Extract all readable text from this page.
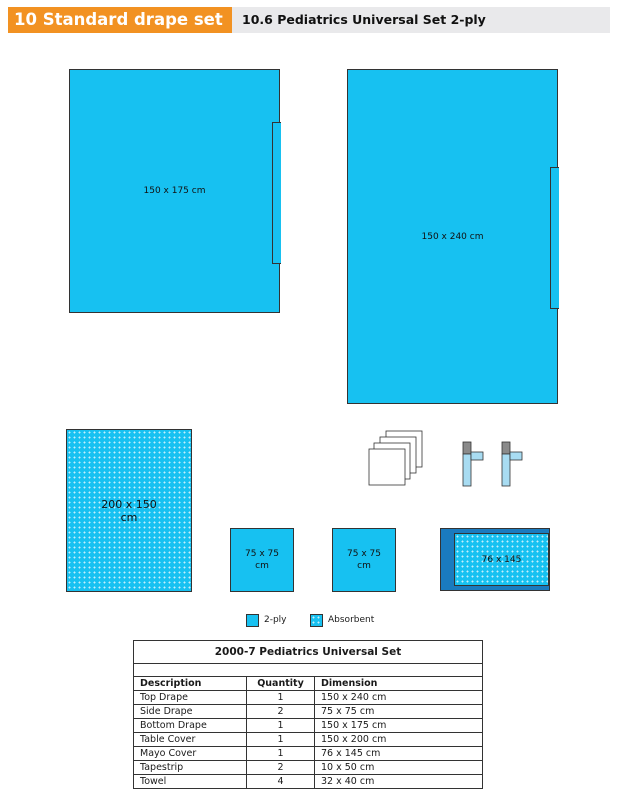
10 Standard drape set	10.6 Pediatrics Universal Set 2-ply
150 x 175 cm
150 x 240 cm
200 x 150 cm
75 x 75 cm
75 x 75 cm
76 x 145
2-ply	Absorbent
2000-7 Pediatrics Universal Set		

Description	Quantity	Dimension
Top Drape	1	150 x 240 cm
Side Drape	2	75 x 75 cm
Bottom Drape	1	150 x 175 cm
Table Cover	1	150 x 200 cm
Mayo Cover	1	76 x 145 cm
Tapestrip	2	10 x 50 cm
Towel	4	32 x 40 cm
